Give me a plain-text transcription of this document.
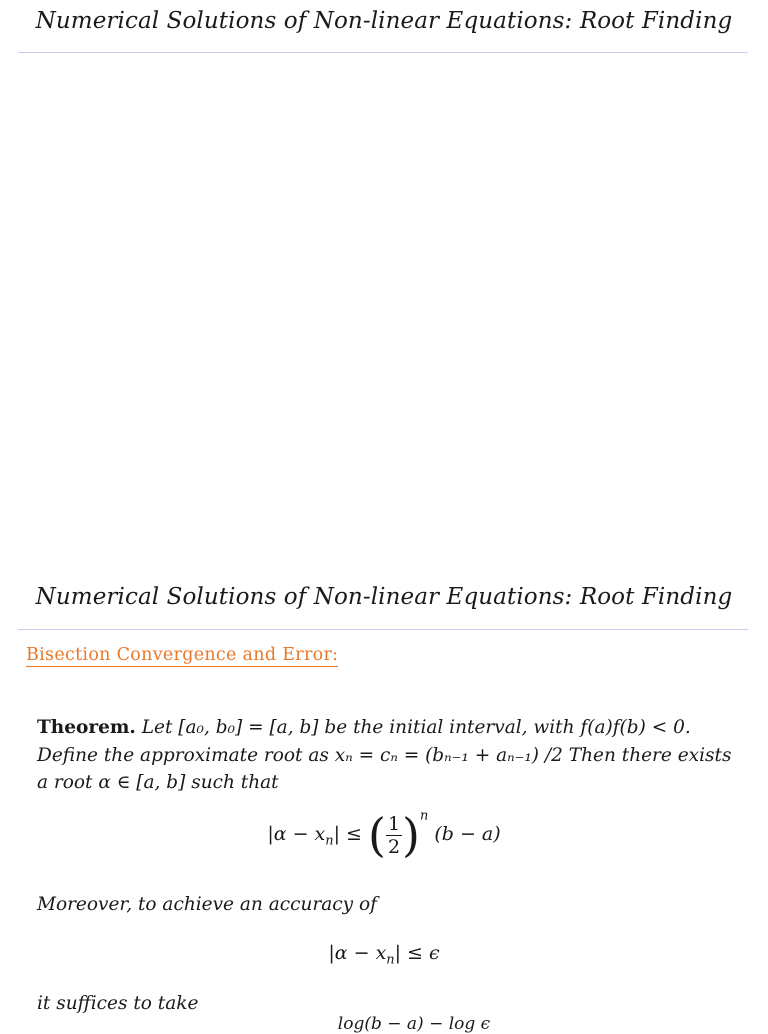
Numerical Solutions of Non-linear Equations: Root Finding
Numerical Solutions of Non-linear Equations: Root Finding
Bisection Convergence and Error:
Theorem. Let [a₀, b₀] = [a, b] be the initial interval, with f(a)f(b) < 0.
Define the approximate root as xₙ = cₙ = (bₙ₋₁ + aₙ₋₁) /2 Then there exists
a root α ∈ [a, b] such that
$|\alpha - x_n|$ ≤ ( $\frac{1}{2} )^n$ (b − a)
Moreover, to achieve an accuracy of
$|\alpha - x_n| \le \epsilon$
it suffices to take
log(b − a) − log ϵ
